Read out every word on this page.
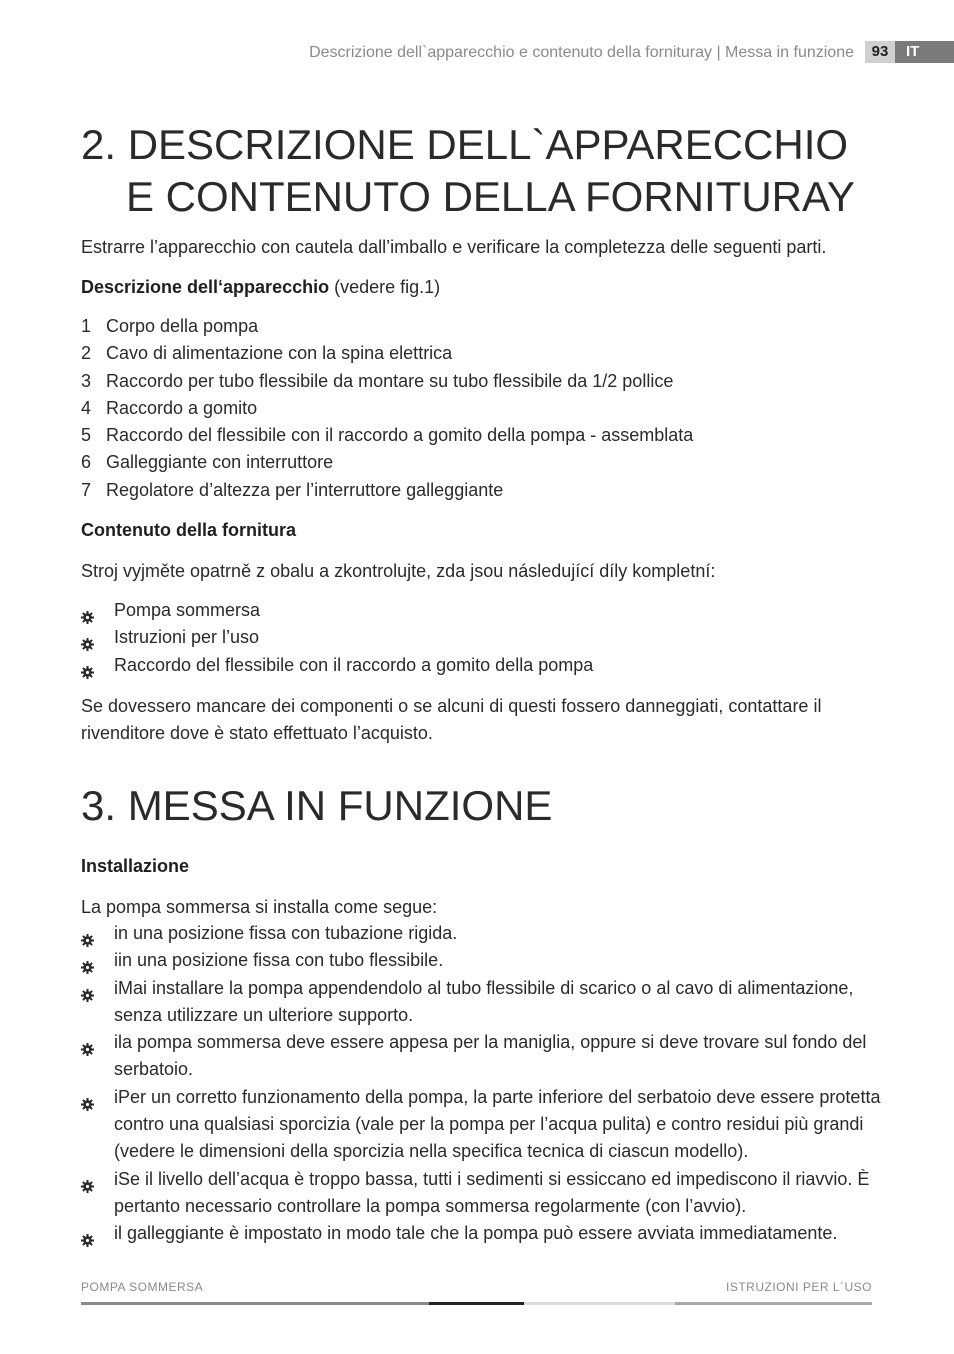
Descrizione dell`apparecchio e contenuto della fornituray | Messa in funzione	93	IT
2. DESCRIZIONE DELL`APPARECCHIO
E CONTENUTO DELLA FORNITURAY

Estrarre l’apparecchio con cautela dall’imballo e verificare la completezza delle seguenti parti.

Descrizione dell‘apparecchio (vedere fig.1)

1 Corpo della pompa
2 Cavo di alimentazione con la spina elettrica
3 Raccordo per tubo flessibile da montare su tubo flessibile da 1/2 pollice
4 Raccordo a gomito
5 Raccordo del flessibile con il raccordo a gomito della pompa - assemblata
6 Galleggiante con interruttore
7 Regolatore d’altezza per l’interruttore galleggiante

Contenuto della fornitura

Stroj vyjměte opatrně z obalu a zkontrolujte, zda jsou následující díly kompletní:

Pompa sommersa
Istruzioni per l’uso
Raccordo del flessibile con il raccordo a gomito della pompa

Se dovessero mancare dei componenti o se alcuni di questi fossero danneggiati, contattare il rivenditore dove è stato effettuato l’acquisto.

3. MESSA IN FUNZIONE

Installazione

La pompa sommersa si installa come segue:

in una posizione fissa con tubazione rigida.
iin una posizione fissa con tubo flessibile.
iMai installare la pompa appendendolo al tubo flessibile di scarico o al cavo di alimentazione, senza utilizzare un ulteriore supporto.
ila pompa sommersa deve essere appesa per la maniglia, oppure si deve trovare sul fondo del serbatoio.
iPer un corretto funzionamento della pompa, la parte inferiore del serbatoio deve essere protetta contro una qualsiasi sporcizia (vale per la pompa per l’acqua pulita) e contro residui più grandi (vedere le dimensioni della sporcizia nella specifica tecnica di ciascun modello).
iSe il livello dell’acqua è troppo bassa, tutti i sedimenti si essiccano ed impediscono il riavvio. È pertanto necessario controllare la pompa sommersa regolarmente (con l’avvio).
il galleggiante è impostato in modo tale che la pompa può essere avviata immediatamente.
POMPA SOMMERSA	ISTRUZIONI PER L´USO
